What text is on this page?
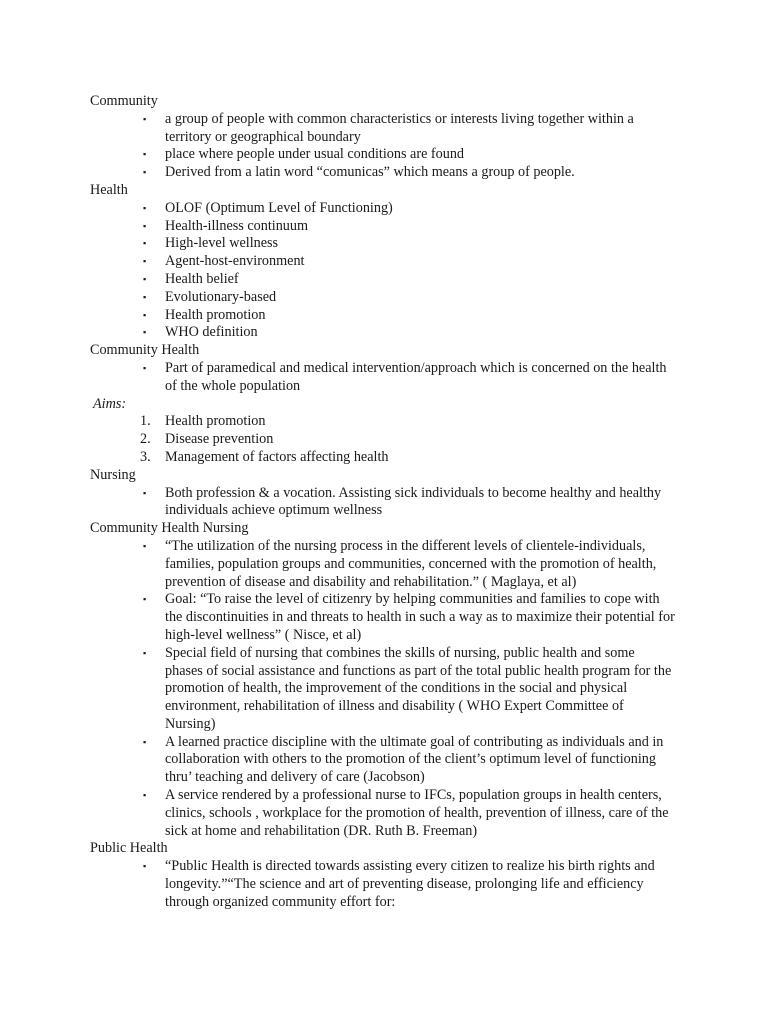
Community
▪ a group of people with common characteristics or interests living together within a territory or geographical boundary
▪ place where people under usual conditions are found
▪ Derived from a latin word “comunicas” which means a group of people.
Health
▪ OLOF (Optimum Level of Functioning)
▪ Health-illness continuum
▪ High-level wellness
▪ Agent-host-environment
▪ Health belief
▪ Evolutionary-based
▪ Health promotion
▪ WHO definition
Community Health
▪ Part of paramedical and medical intervention/approach which is concerned on the health of the whole population
Aims:
1. Health promotion
2. Disease prevention
3. Management of factors affecting health
Nursing
▪ Both profession & a vocation. Assisting sick individuals to become healthy and healthy individuals achieve optimum wellness
Community Health Nursing
▪ “The utilization of the nursing process in the different levels of clientele-individuals, families, population groups and communities, concerned with the promotion of health, prevention of disease and disability and rehabilitation.” ( Maglaya, et al)
▪ Goal: “To raise the level of citizenry by helping communities and families to cope with the discontinuities in and threats to health in such a way as to maximize their potential for high-level wellness” ( Nisce, et al)
▪ Special field of nursing that combines the skills of nursing, public health and some phases of social assistance and functions as part of the total public health program for the promotion of health, the improvement of the conditions in the social and physical environment, rehabilitation of illness and disability ( WHO Expert Committee of Nursing)
▪ A learned practice discipline with the ultimate goal of contributing as individuals and in collaboration with others to the promotion of the client’s optimum level of functioning thru’ teaching and delivery of care (Jacobson)
▪ A service rendered by a professional nurse to IFCs, population groups in health centers, clinics, schools , workplace for the promotion of health, prevention of illness, care of the sick at home and rehabilitation (DR. Ruth B. Freeman)
Public Health
▪ “Public Health is directed towards assisting every citizen to realize his birth rights and longevity.”“The science and art of preventing disease, prolonging life and efficiency through organized community effort for:
